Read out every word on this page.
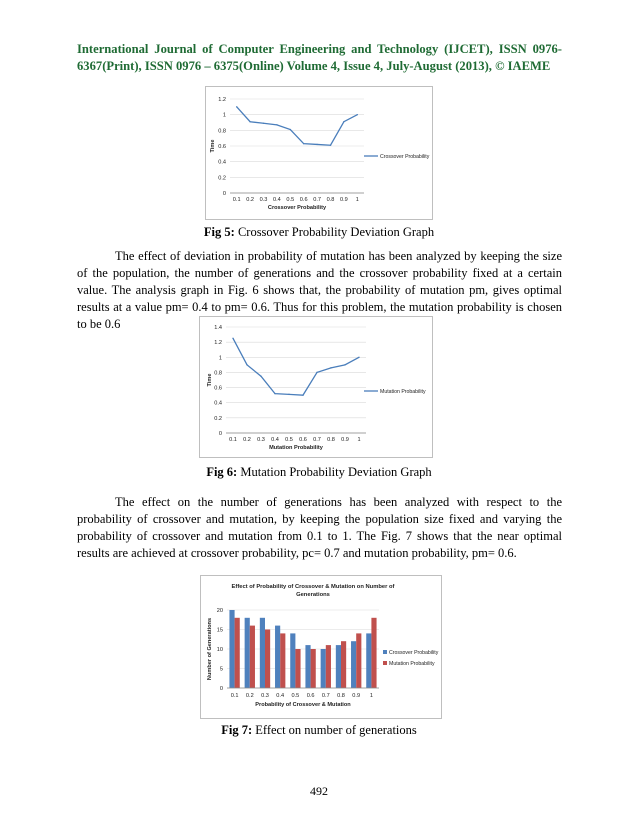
International Journal of Computer Engineering and Technology (IJCET), ISSN 0976-6367(Print), ISSN 0976 – 6375(Online) Volume 4, Issue 4, July-August (2013), © IAEME
0
0.2
0.4
0.6
0.8
1
1.2
0.1 0.2 0.3 0.4 0.5 0.6 0.7 0.8 0.9 1
Crossover Probability
Time
Crossover Probability
Fig 5: Crossover Probability Deviation Graph
The effect of deviation in probability of mutation has been analyzed by keeping the size of the population, the number of generations and the crossover probability fixed at a certain value. The analysis graph in Fig. 6 shows that, the probability of mutation pm, gives optimal results at a value pm= 0.4 to pm= 0.6. Thus for this problem, the mutation probability is chosen to be 0.6
0
0.2
0.4
0.6
0.8
1
1.2
1.4
0.1 0.2 0.3 0.4 0.5 0.6 0.7 0.8 0.9 1
Mutation Probability
Time
Mutation Probability
Fig 6: Mutation Probability Deviation Graph
The effect on the number of generations has been analyzed with respect to the probability of crossover and mutation, by keeping the population size fixed and varying the probability of crossover and mutation from 0.1 to 1. The Fig. 7 shows that the near optimal results are achieved at crossover probability, pc= 0.7 and mutation probability, pm= 0.6.
Effect of Probability of Crossover & Mutation on Number of Generations
0
5
10
15
20
0.1 0.2 0.3 0.4 0.5 0.6 0.7 0.8 0.9 1
Probability of Crossover & Mutation
Number of Generations	Crossover Probability
Mutation Probability
Fig 7: Effect on number of generations
492
